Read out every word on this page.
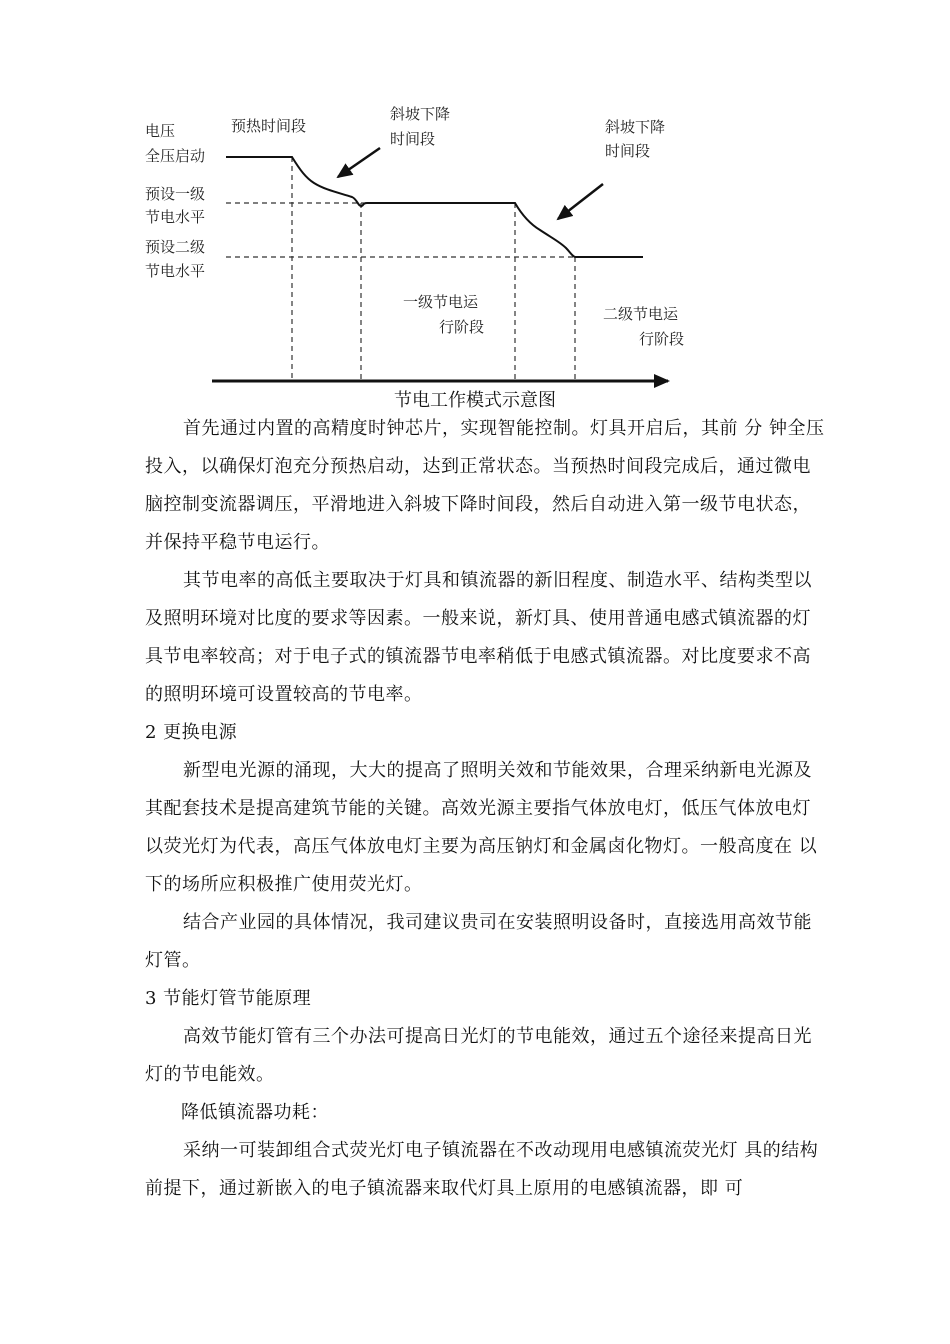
电压
全压启动
预设一级
节电水平
预设二级
节电水平
预热时间段
斜坡下降
时间段
斜坡下降
时间段
一级节电运
行阶段
二级节电运
行阶段
节电工作模式示意图

首先通过内置的高精度时钟芯片，实现智能控制。灯具开启后，其前 分 钟全压投入，以确保灯泡充分预热启动，达到正常状态。当预热时间段完成后，通过微电脑控制变流器调压，平滑地进入斜坡下降时间段，然后自动进入第一级节电状态，并保持平稳节电运行。

其节电率的高低主要取决于灯具和镇流器的新旧程度、制造水平、结构类型以及照明环境对比度的要求等因素。一般来说，新灯具、使用普通电感式镇流器的灯具节电率较高；对于电子式的镇流器节电率稍低于电感式镇流器。对比度要求不高的照明环境可设置较高的节电率。

2 更换电源

新型电光源的涌现，大大的提高了照明关效和节能效果，合理采纳新电光源及其配套技术是提高建筑节能的关键。高效光源主要指气体放电灯，低压气体放电灯以荧光灯为代表，高压气体放电灯主要为高压钠灯和金属卤化物灯。一般高度在 以下的场所应积极推广使用荧光灯。

结合产业园的具体情况，我司建议贵司在安装照明设备时，直接选用高效节能灯管。

3 节能灯管节能原理

高效节能灯管有三个办法可提高日光灯的节电能效，通过五个途径来提高日光灯的节电能效。

降低镇流器功耗：

采纳一可装卸组合式荧光灯电子镇流器在不改动现用电感镇流荧光灯 具的结构前提下，通过新嵌入的电子镇流器来取代灯具上原用的电感镇流器，即 可
